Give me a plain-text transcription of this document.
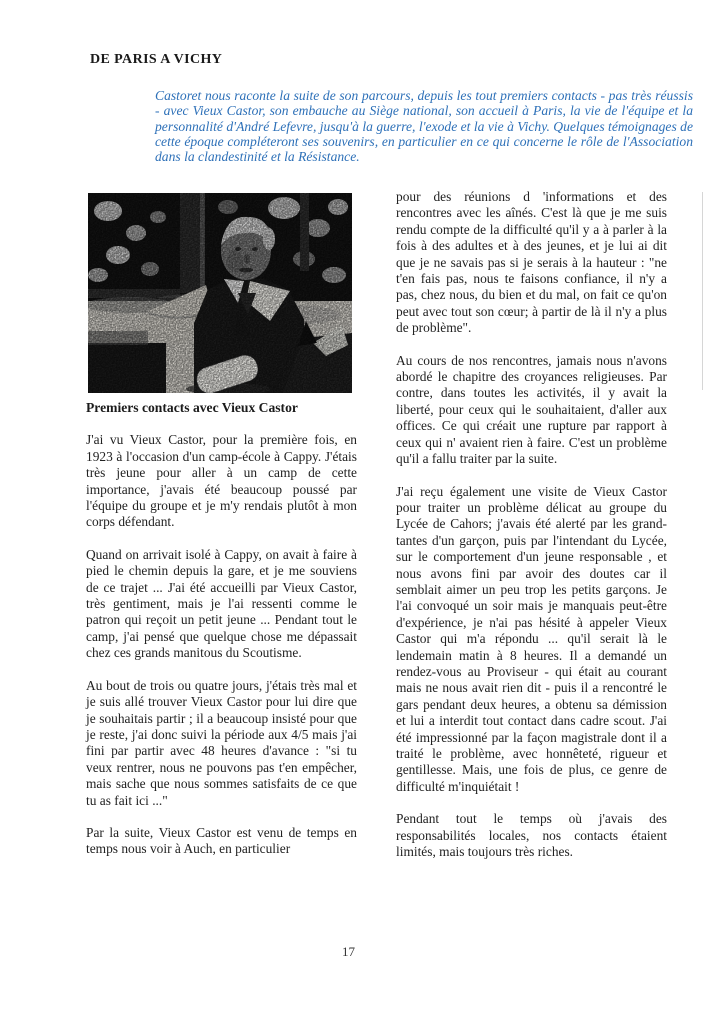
DE PARIS A VICHY
Castoret nous raconte la suite de son parcours, depuis les tout premiers contacts - pas très réussis - avec Vieux Castor, son embauche au Siège national, son accueil à Paris, la vie de l'équipe et la personnalité d'André Lefevre, jusqu'à la guerre, l'exode et la vie à Vichy. Quelques témoignages de cette époque compléteront ses souvenirs, en particulier en ce qui concerne le rôle de l'Association dans la clandestinité et la Résistance.

Premiers contacts avec Vieux Castor

J'ai vu Vieux Castor, pour la première fois, en 1923 à l'occasion d'un camp-école à Cappy. J'étais très jeune pour aller à un camp de cette importance, j'avais été beaucoup poussé par l'équipe du groupe et je m'y rendais plutôt à mon corps défendant.

Quand on arrivait isolé à Cappy, on avait à faire à pied le chemin depuis la gare, et je me souviens de ce trajet ... J'ai été accueilli par Vieux Castor, très gentiment, mais je l'ai ressenti comme le patron qui reçoit un petit jeune ... Pendant tout le camp, j'ai pensé que quelque chose me dépassait chez ces grands manitous du Scoutisme.

Au bout de trois ou quatre jours, j'étais très mal et je suis allé trouver Vieux Castor pour lui dire que je souhaitais partir ; il a beaucoup insisté pour que je reste, j'ai donc suivi la période aux 4/5 mais j'ai fini par partir avec 48 heures d'avance : "si tu veux rentrer, nous ne pouvons pas t'en empêcher, mais sache que nous sommes satisfaits de ce que tu as fait ici ..."

Par la suite, Vieux Castor est venu de temps en temps nous voir à Auch, en particulier

pour des réunions d 'informations et des rencontres avec les aînés. C'est là que je me suis rendu compte de la difficulté qu'il y a à parler à la fois à des adultes et à des jeunes, et je lui ai dit que je ne savais pas si je serais à la hauteur : "ne t'en fais pas, nous te faisons confiance, il n'y a pas, chez nous, du bien et du mal, on fait ce qu'on peut avec tout son cœur; à partir de là il n'y a plus de problème".

Au cours de nos rencontres, jamais nous n'avons abordé le chapitre des croyances religieuses. Par contre, dans toutes les activités, il y avait la liberté, pour ceux qui le souhaitaient, d'aller aux offices. Ce qui créait une rupture par rapport à ceux qui n' avaient rien à faire. C'est un problème qu'il a fallu traiter par la suite.

J'ai reçu également une visite de Vieux Castor pour traiter un problème délicat au groupe du Lycée de Cahors; j'avais été alerté par les grand-tantes d'un garçon, puis par l'intendant du Lycée, sur le comportement d'un jeune responsable , et nous avons fini par avoir des doutes car il semblait aimer un peu trop les petits garçons. Je l'ai convoqué un soir mais je manquais peut-être d'expérience, je n'ai pas hésité à appeler Vieux Castor qui m'a répondu ... qu'il serait là le lendemain matin à 8 heures. Il a demandé un rendez-vous au Proviseur - qui était au courant mais ne nous avait rien dit - puis il a rencontré le gars pendant deux heures, a obtenu sa démission et lui a interdit tout contact dans cadre scout. J'ai été impressionné par la façon magistrale dont il a traité le problème, avec honnêteté, rigueur et gentillesse. Mais, une fois de plus, ce genre de difficulté m'inquiétait !

Pendant tout le temps où j'avais des responsabilités locales, nos contacts étaient limités, mais toujours très riches.

17
